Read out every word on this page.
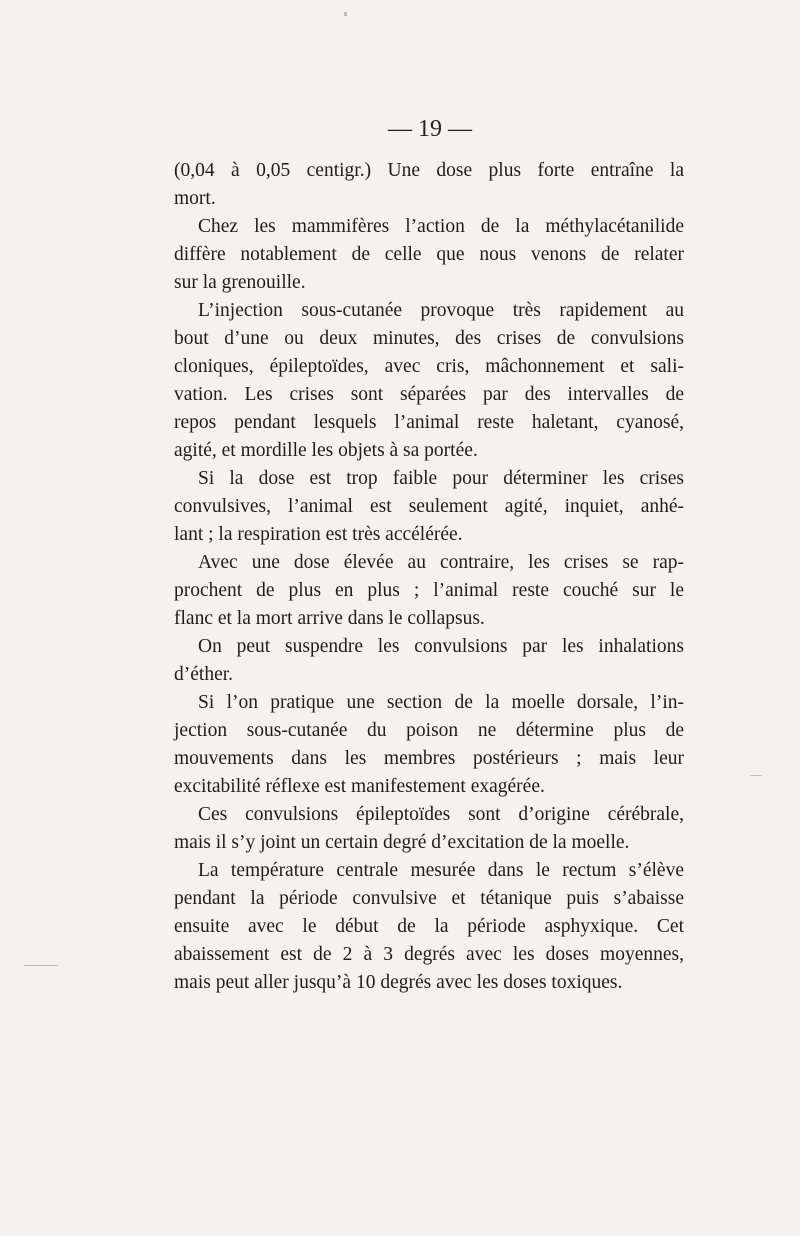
— 19 —
(0,04 à 0,05 centigr.) Une dose plus forte entraîne la
mort.
Chez les mammifères l’action de la méthylacétanilide
diffère notablement de celle que nous venons de relater
sur la grenouille.
L’injection sous-cutanée provoque très rapidement au
bout d’une ou deux minutes, des crises de convulsions
cloniques, épileptoïdes, avec cris, mâchonnement et sali-
vation. Les crises sont séparées par des intervalles de
repos pendant lesquels l’animal reste haletant, cyanosé,
agité, et mordille les objets à sa portée.
Si la dose est trop faible pour déterminer les crises
convulsives, l’animal est seulement agité, inquiet, anhé-
lant ; la respiration est très accélérée.
Avec une dose élevée au contraire, les crises se rap-
prochent de plus en plus ; l’animal reste couché sur le
flanc et la mort arrive dans le collapsus.
On peut suspendre les convulsions par les inhalations
d’éther.
Si l’on pratique une section de la moelle dorsale, l’in-
jection sous-cutanée du poison ne détermine plus de
mouvements dans les membres postérieurs ; mais leur
excitabilité réflexe est manifestement exagérée.
Ces convulsions épileptoïdes sont d’origine cérébrale,
mais il s’y joint un certain degré d’excitation de la moelle.
La température centrale mesurée dans le rectum s’élève
pendant la période convulsive et tétanique puis s’abaisse
ensuite avec le début de la période asphyxique. Cet
abaissement est de 2 à 3 degrés avec les doses moyennes,
mais peut aller jusqu’à 10 degrés avec les doses toxiques.
